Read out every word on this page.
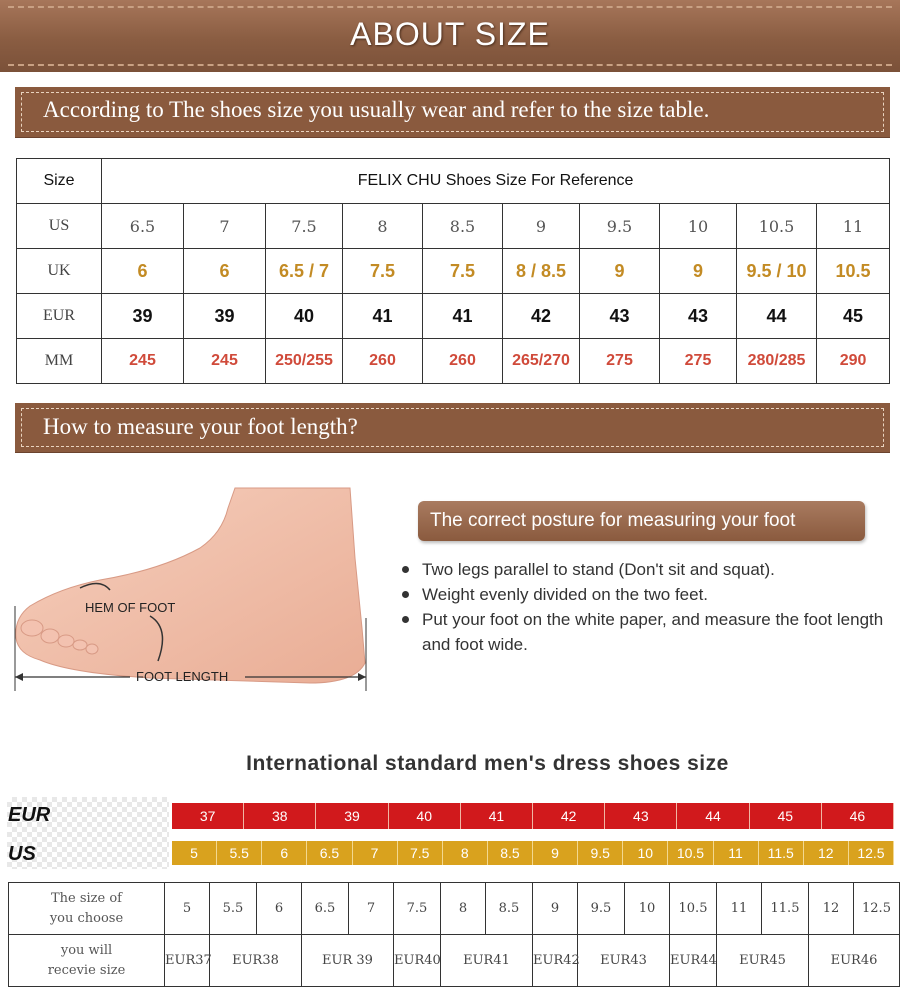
ABOUT SIZE
According to The shoes size you usually wear and refer to the size table.
Size	FELIX CHU Shoes Size For Reference									
US	6.5	7	7.5	8	8.5	9	9.5	10	10.5	11
UK	6	6	6.5 / 7	7.5	7.5	8 / 8.5	9	9	9.5 / 10	10.5
EUR	39	39	40	41	41	42	43	43	44	45
MM	245	245	250/255	260	260	265/270	275	275	280/285	290
How to measure your foot length?
HEM OF FOOT
FOOT LENGTH
The correct posture for measuring your foot
Two legs parallel to stand (Don't sit and squat).
Weight evenly divided on the two feet.
Put your foot on the white paper, and measure the foot length and foot wide.
International standard men's dress shoes size
EUR
US
37	38	39	40	41	42	43	44	45	46
5	5.5	6	6.5	7	7.5	8	8.5	9	9.5	10	10.5	11	11.5	12	12.5
The size of
you choose	5	5.5	6	6.5	7	7.5	8	8.5	9	9.5	10	10.5	11	11.5	12	12.5

you will
recevie size	EUR37	EUR38		EUR 39		EUR40	EUR41		EUR42	EUR43		EUR44	EUR45		EUR46	
